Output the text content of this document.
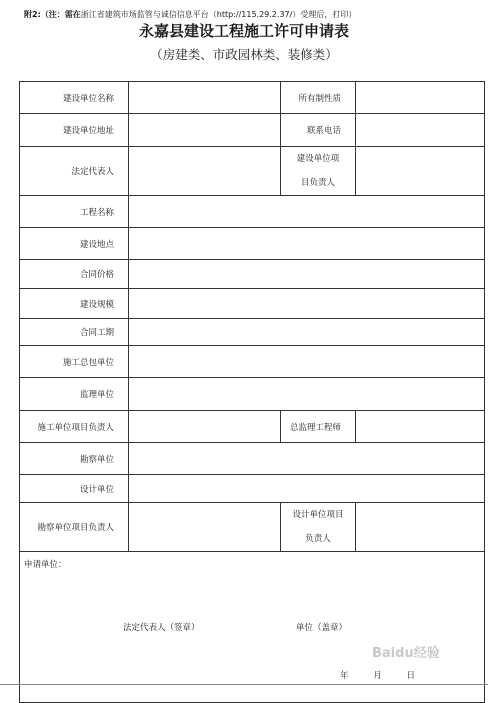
附2:（注：需在浙江省建筑市场监管与诚信信息平台（http://115.29.2.37/）受理后，打印）
永嘉县建设工程施工许可申请表
（房建类、市政园林类、装修类）
建设单位名称		所有制性质	
建设单位地址		联系电话	
法定代表人		建设单位项
目负责人	
工程名称			
建设地点			
合同价格			
建设规模			
合同工期			
施工总包单位			
监理单位			
施工单位项目负责人		总监理工程师	
勘察单位			
设计单位			
勘察单位项目负责人		设计单位项目
负责人	

申请单位：
法定代表人（签章） 单位（盖章）			
年	月	日
Baidu经验
